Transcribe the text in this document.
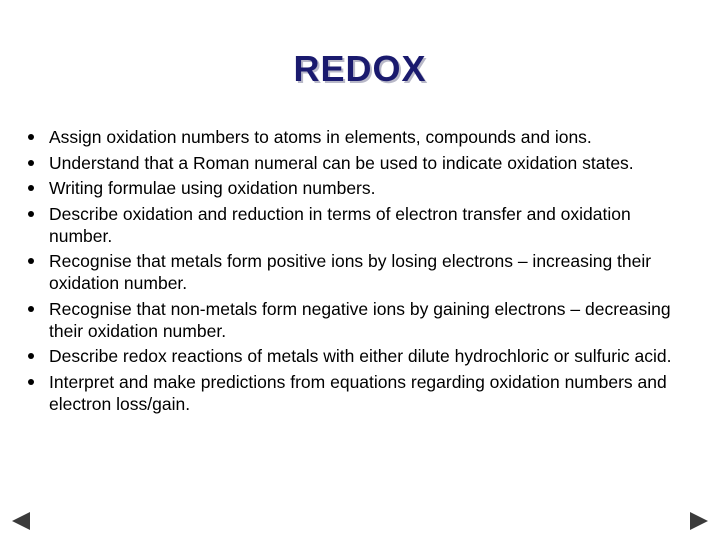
REDOX
Assign oxidation numbers to atoms in elements, compounds and ions.
Understand that a Roman numeral can be used to indicate oxidation states.
Writing formulae using oxidation numbers.
Describe oxidation and reduction in terms of electron transfer and oxidation number.
Recognise that metals form positive ions by losing electrons – increasing their oxidation number.
Recognise that non-metals form negative ions by gaining electrons – decreasing their oxidation number.
Describe redox reactions of metals with either dilute hydrochloric or sulfuric acid.
Interpret and make predictions from equations regarding oxidation numbers and electron loss/gain.
